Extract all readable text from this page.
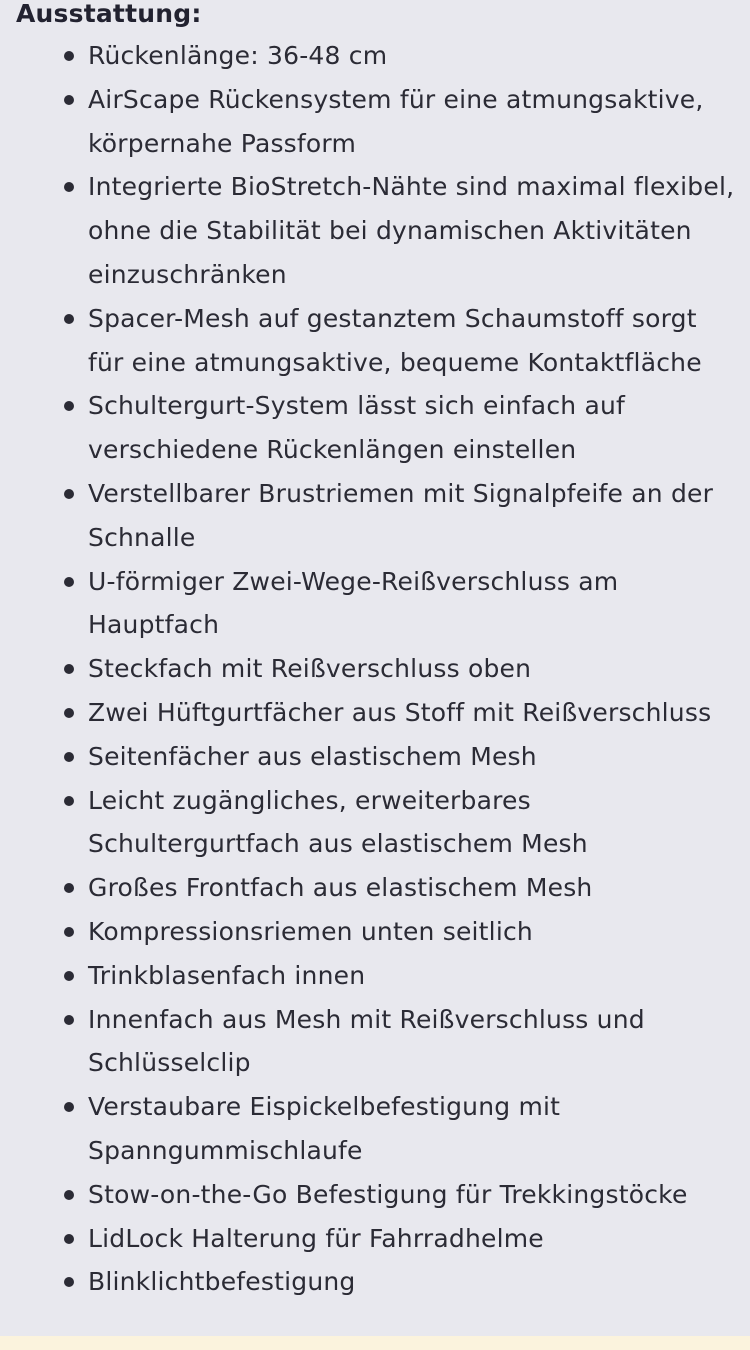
Ausstattung:
Rückenlänge: 36-48 cm
AirScape Rückensystem für eine atmungsaktive,
körpernahe Passform
Integrierte BioStretch-Nähte sind maximal flexibel,
ohne die Stabilität bei dynamischen Aktivitäten
einzuschränken
Spacer-Mesh auf gestanztem Schaumstoff sorgt
für eine atmungsaktive, bequeme Kontaktfläche
Schultergurt-System lässt sich einfach auf
verschiedene Rückenlängen einstellen
Verstellbarer Brustriemen mit Signalpfeife an der
Schnalle
U-förmiger Zwei-Wege-Reißverschluss am
Hauptfach
Steckfach mit Reißverschluss oben
Zwei Hüftgurtfächer aus Stoff mit Reißverschluss
Seitenfächer aus elastischem Mesh
Leicht zugängliches, erweiterbares
Schultergurtfach aus elastischem Mesh
Großes Frontfach aus elastischem Mesh
Kompressionsriemen unten seitlich
Trinkblasenfach innen
Innenfach aus Mesh mit Reißverschluss und
Schlüsselclip
Verstaubare Eispickelbefestigung mit
Spanngummischlaufe
Stow-on-the-Go Befestigung für Trekkingstöcke
LidLock Halterung für Fahrradhelme
Blinklichtbefestigung
